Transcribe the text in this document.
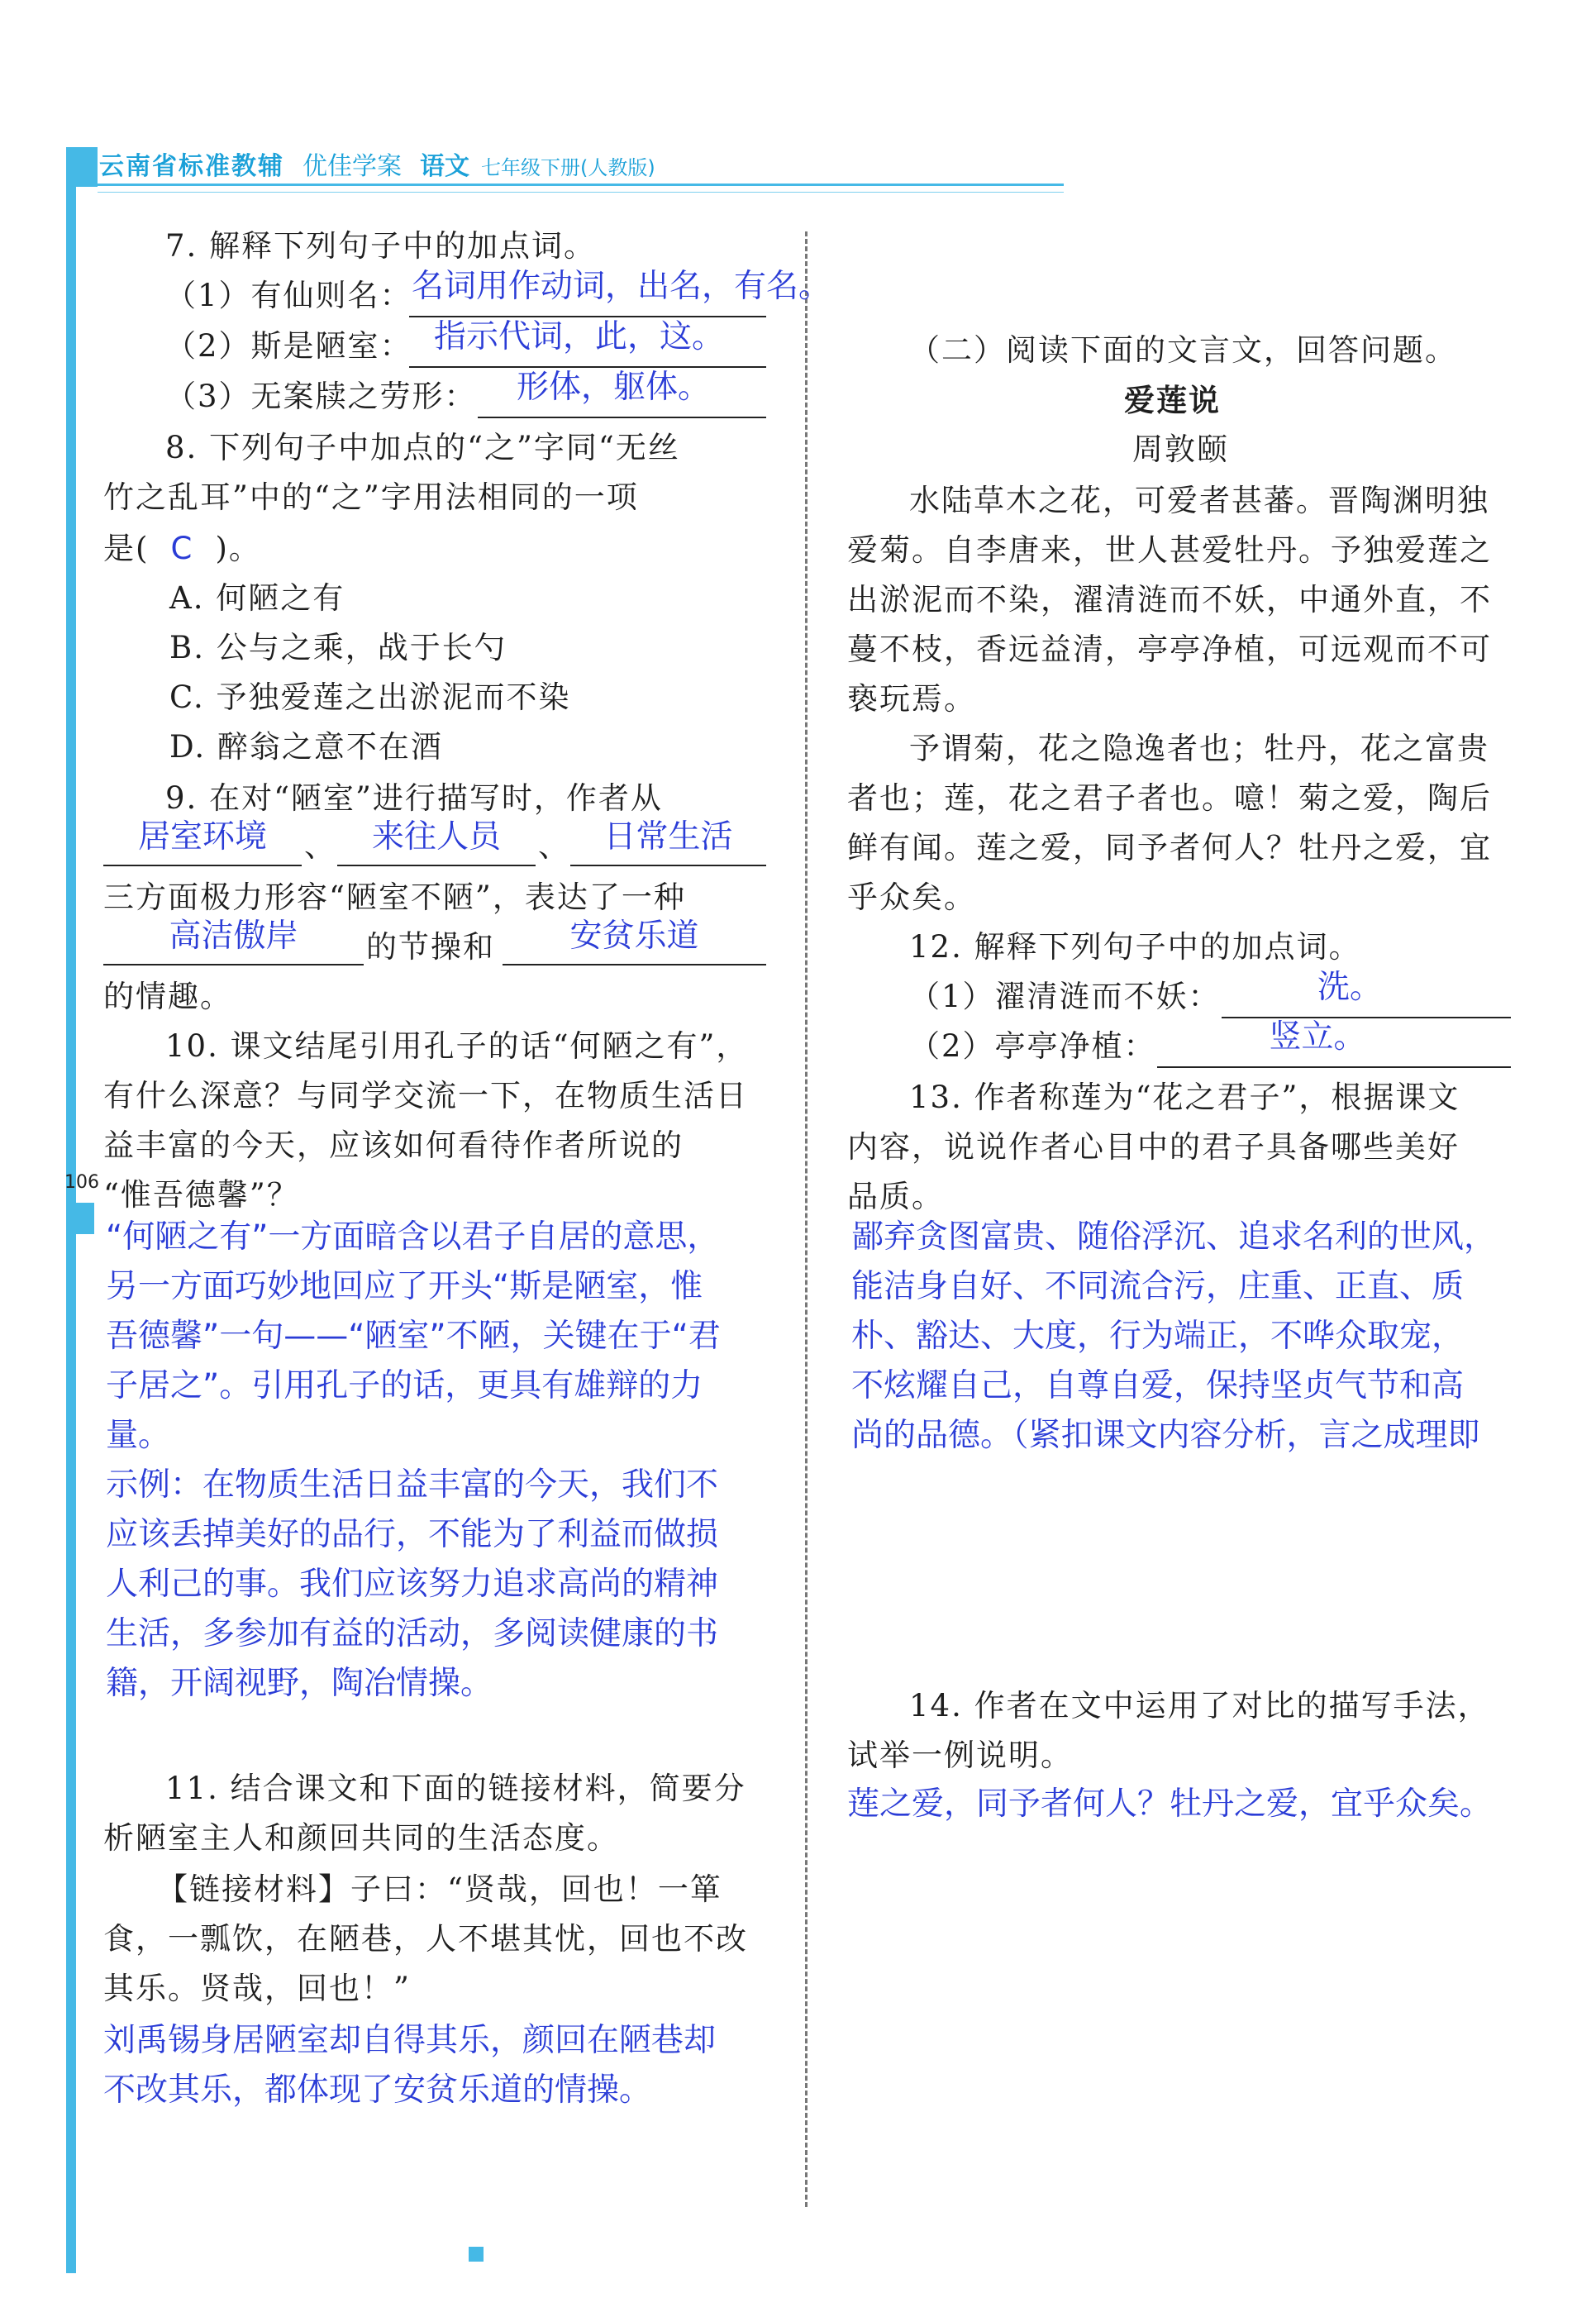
云南省标准教辅 优佳学案 语文 七年级下册(人教版)
106
7. 解释下列句子中的加点词。
（1）有仙则名： 名词用作动词，出名，有名。
（2）斯是陋室： 指示代词，此，这。
（3）无案牍之劳形： 形体，躯体。
8. 下列句子中加点的“之”字同“无丝
竹之乱耳”中的“之”字用法相同的一项
是( C )。
A. 何陋之有
B. 公与之乘，战于长勺
C. 予独爱莲之出淤泥而不染
D. 醉翁之意不在酒
9. 在对“陋室”进行描写时，作者从
居室环境	、	来往人员	、	日常生活
三方面极力形容“陋室不陋”，表达了一种
高洁傲岸	的节操和	安贫乐道
的情趣。
10. 课文结尾引用孔子的话“何陋之有”，
有什么深意？与同学交流一下，在物质生活日
益丰富的今天，应该如何看待作者所说的
“惟吾德馨”？
“何陋之有”一方面暗含以君子自居的意思，
另一方面巧妙地回应了开头“斯是陋室，惟
吾德馨”一句——“陋室”不陋，关键在于“君
子居之”。引用孔子的话，更具有雄辩的力
量。
示例：在物质生活日益丰富的今天，我们不
应该丢掉美好的品行，不能为了利益而做损
人利己的事。我们应该努力追求高尚的精神
生活，多参加有益的活动，多阅读健康的书
籍，开阔视野，陶冶情操。
11. 结合课文和下面的链接材料，简要分
析陋室主人和颜回共同的生活态度。
【链接材料】子曰：“贤哉，回也！一箪
食，一瓢饮，在陋巷，人不堪其忧，回也不改
其乐。贤哉，回也！”
刘禹锡身居陋室却自得其乐，颜回在陋巷却
不改其乐，都体现了安贫乐道的情操。
（二）阅读下面的文言文，回答问题。
爱莲说
周敦颐
水陆草木之花，可爱者甚蕃。晋陶渊明独
爱菊。自李唐来，世人甚爱牡丹。予独爱莲之
出淤泥而不染，濯清涟而不妖，中通外直，不
蔓不枝，香远益清，亭亭净植，可远观而不可
亵玩焉。
予谓菊，花之隐逸者也；牡丹，花之富贵
者也；莲，花之君子者也。噫！菊之爱，陶后
鲜有闻。莲之爱，同予者何人？牡丹之爱，宜
乎众矣。
12. 解释下列句子中的加点词。
（1）濯清涟而不妖：	洗。
（2）亭亭净植：	竖立。
13. 作者称莲为“花之君子”，根据课文
内容，说说作者心目中的君子具备哪些美好
品质。
鄙弃贪图富贵、随俗浮沉、追求名利的世风，
能洁身自好、不同流合污，庄重、正直、质
朴、豁达、大度，行为端正，不哗众取宠，
不炫耀自己，自尊自爱，保持坚贞气节和高
尚的品德。（紧扣课文内容分析，言之成理即
14. 作者在文中运用了对比的描写手法，
试举一例说明。
莲之爱，同予者何人？牡丹之爱，宜乎众矣。
